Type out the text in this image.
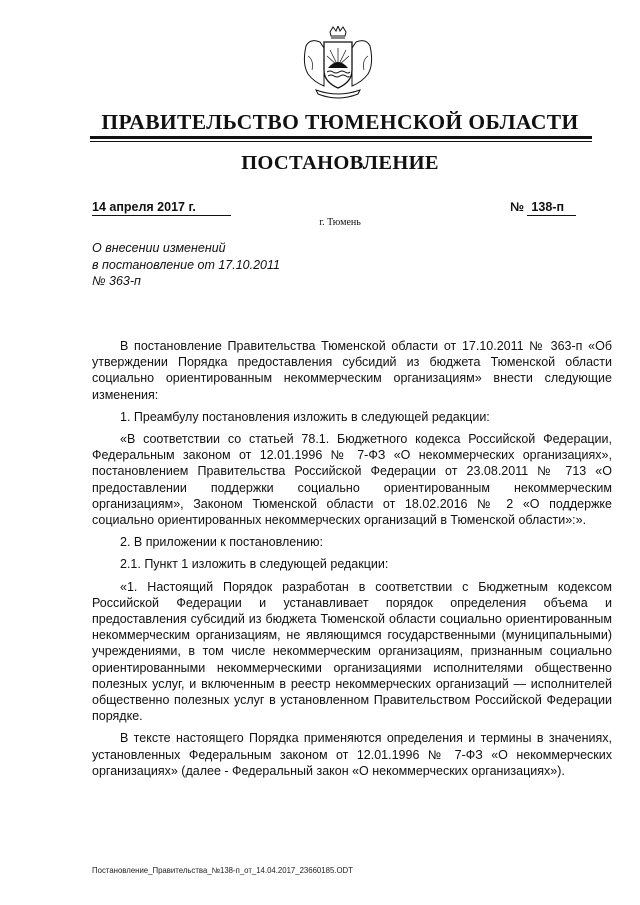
ПРАВИТЕЛЬСТВО ТЮМЕНСКОЙ ОБЛАСТИ
ПОСТАНОВЛЕНИЕ
14 апреля 2017 г.	№ 138-п
г. Тюмень
О внесении изменений
в постановление от 17.10.2011
№ 363-п

В постановление Правительства Тюменской области от 17.10.2011 № 363-п «Об утверждении Порядка предоставления субсидий из бюджета Тюменской области социально ориентированным некоммерческим организациям» внести следующие изменения:

1. Преамбулу постановления изложить в следующей редакции:

«В соответствии со статьей 78.1. Бюджетного кодекса Российской Федерации, Федеральным законом от 12.01.1996 № 7-ФЗ «О некоммерческих организациях», постановлением Правительства Российской Федерации от 23.08.2011 № 713 «О предоставлении поддержки социально ориентированным некоммерческим организациям», Законом Тюменской области от 18.02.2016 № 2 «О поддержке социально ориентированных некоммерческих организаций в Тюменской области»:».

2. В приложении к постановлению:

2.1. Пункт 1 изложить в следующей редакции:

«1. Настоящий Порядок разработан в соответствии с Бюджетным кодексом Российской Федерации и устанавливает порядок определения объема и предоставления субсидий из бюджета Тюменской области социально ориентированным некоммерческим организациям, не являющимся государственными (муниципальными) учреждениями, в том числе некоммерческим организациям, признанным социально ориентированными некоммерческими организациями исполнителями общественно полезных услуг, и включенным в реестр некоммерческих организаций — исполнителей общественно полезных услуг в установленном Правительством Российской Федерации порядке.

В тексте настоящего Порядка применяются определения и термины в значениях, установленных Федеральным законом от 12.01.1996 № 7-ФЗ «О некоммерческих организациях» (далее - Федеральный закон «О некоммерческих организациях»).

Постановление_Правительства_№138-п_от_14.04.2017_23660185.ODT
